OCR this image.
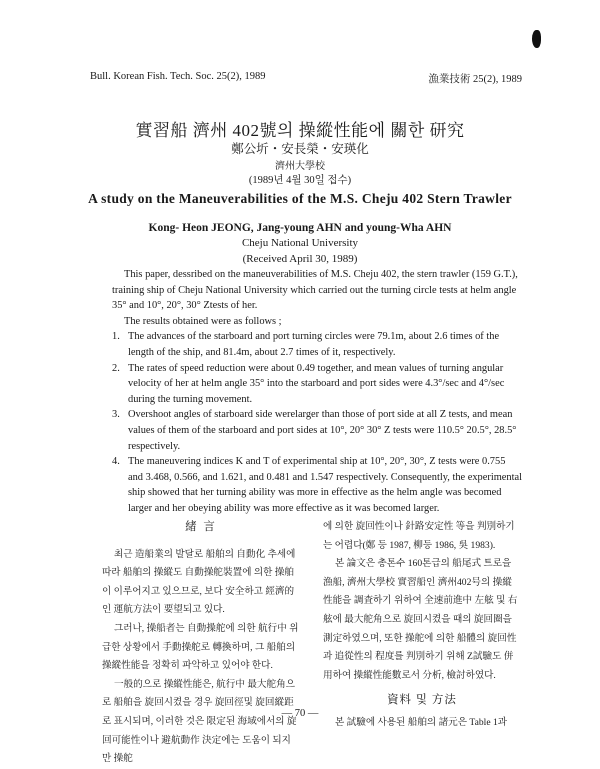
Bull. Korean Fish. Tech. Soc. 25(2), 1989	漁業技術 25(2), 1989
實習船 濟州 402號의 操縱性能에 關한 研究
鄭公圻・安長榮・安瑛化
濟州大學校
(1989년 4월 30일 접수)
A study on the Maneuverabilities of the M.S. Cheju 402 Stern Trawler
Kong- Heon JEONG, Jang-young AHN and young-Wha AHN
Cheju National University
(Received April 30, 1989)

This paper, dessribed on the maneuverabilities of M.S. Cheju 402, the stern trawler (159 G.T.), training ship of Cheju National University which carried out the turning circle tests at helm angle 35° and 10°, 20°, 30° Ztests of her.

The results obtained were as follows ;

1. The advances of the starboard and port turning circles were 79.1m, about 2.6 times of the length of the ship, and 81.4m, about 2.7 times of it, respectively.
2. The rates of speed reduction were about 0.49 together, and mean values of turning angular velocity of her at helm angle 35° into the starboard and port sides were 4.3°/sec and 4°/sec during the turning movement.
3. Overshoot angles of starboard side werelarger than those of port side at all Z tests, and mean values of them of the starboard and port sides at 10°, 20° 30° Z tests were 110.5° 20.5°, 28.5° respectively.
4. The maneuvering indices K and T of experimental ship at 10°, 20°, 30°, Z tests were 0.755 and 3.468, 0.566, and 1.621, and 0.481 and 1.547 respectively. Consequently, the experimental ship showed that her turning ability was more in effective as the helm angle was becomed larger and her obeying ability was more effective as it was becomed larger.

緒 言

최근 造船業의 발달로 船舶의 自動化 추세에 따라 船舶의 操縱도 自動操舵裝置에 의한 操舶이 이루어지고 있으므로, 보다 安全하고 經濟的인 運航方法이 要望되고 있다.

그러나, 操船者는 自動操舵에 의한 航行中 위급한 상황에서 手動操舵로 轉換하며, 그 船舶의 操縱性能을 정확히 파악하고 있어야 한다.

一般的으로 操縱性能은, 航行中 最大舵角으로 船舶을 旋回시켰을 경우 旋回徑및 旋回縱距로 표시되며, 이러한 것은 限定된 海域에서의 旋回可能性이나 避航動作 決定에는 도움이 되지만 操舵

에 의한 旋回性이나 針路安定性 等을 判別하기는 어렵다(鄭 등 1987, 柳등 1986, 吳 1983).

본 論文은 총톤수 160톤급의 船尾式 트로을 漁船, 濟州大學校 實習船인 濟州402号의 操縱性能을 調査하기 위하여 全速前進中 左舷 및 右舷에 最大舵角으로 旋回시켰을 때의 旋回圈을 測定하였으며, 또한 操舵에 의한 船體의 旋回性과 追從性의 程度를 判別하기 위해 Z試驗도 併用하여 操縱性能數로서 分析, 檢討하였다.

資料 및 方法

본 試驗에 사용된 船舶의 諸元은 Table 1과

— 70 —
